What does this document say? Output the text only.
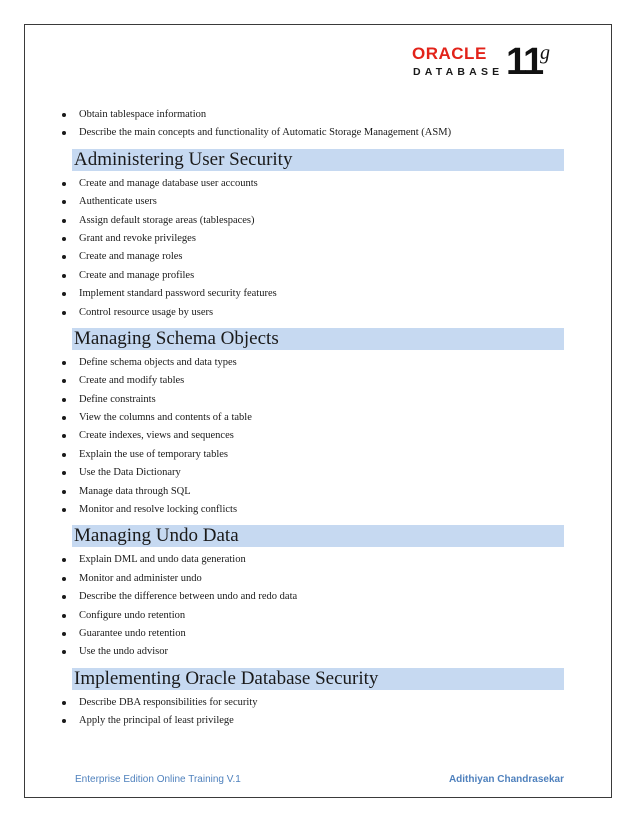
ORACLE
DATABASE 11
g
Obtain tablespace information
Describe the main concepts and functionality of Automatic Storage Management (ASM)
Administering User Security
Create and manage database user accounts
Authenticate users
Assign default storage areas (tablespaces)
Grant and revoke privileges
Create and manage roles
Create and manage profiles
Implement standard password security features
Control resource usage by users
Managing Schema Objects
Define schema objects and data types
Create and modify tables
Define constraints
View the columns and contents of a table
Create indexes, views and sequences
Explain the use of temporary tables
Use the Data Dictionary
Manage data through SQL
Monitor and resolve locking conflicts
Managing Undo Data
Explain DML and undo data generation
Monitor and administer undo
Describe the difference between undo and redo data
Configure undo retention
Guarantee undo retention
Use the undo advisor
Implementing Oracle Database Security
Describe DBA responsibilities for security
Apply the principal of least privilege
Enterprise Edition Online Training V.1	Adithiyan Chandrasekar
